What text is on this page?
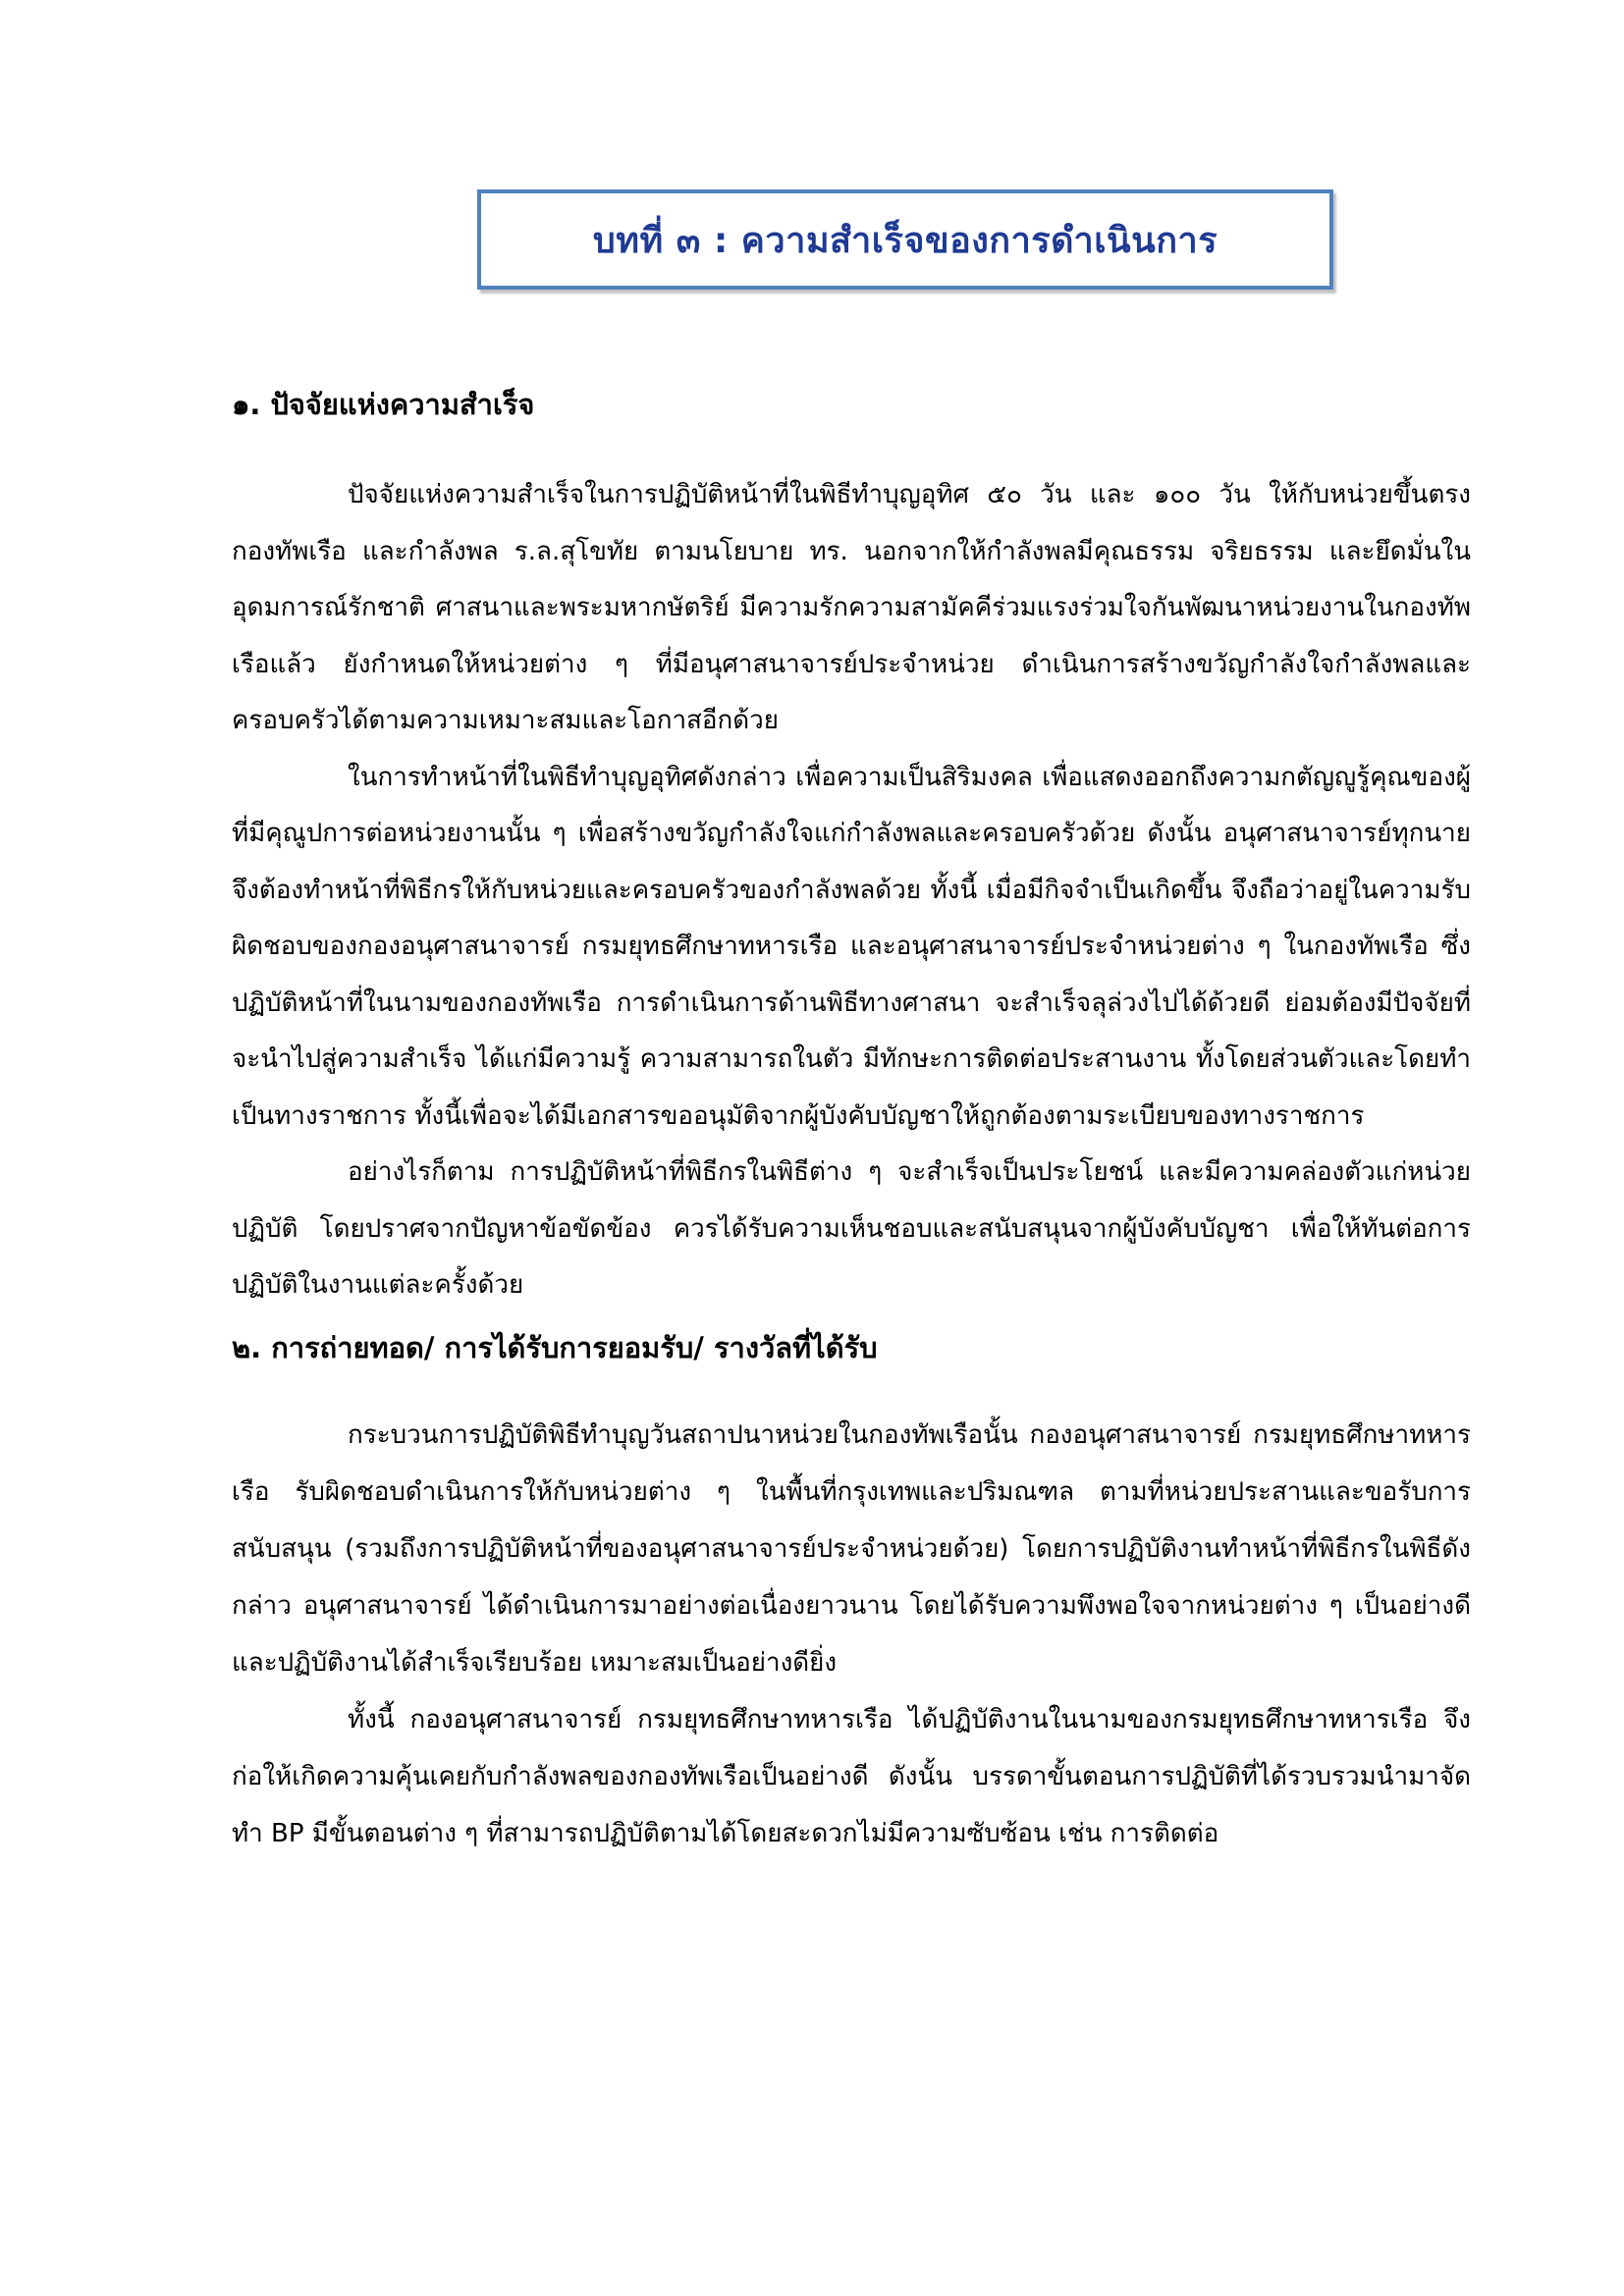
บทที่ ๓ : ความสำเร็จของการดำเนินการ
๑. ปัจจัยแห่งความสำเร็จ

ปัจจัยแห่งความสำเร็จในการปฏิบัติหน้าที่ในพิธีทำบุญอุทิศ ๕๐ วัน และ ๑๐๐ วัน ให้กับหน่วยขึ้นตรงกองทัพเรือ และกำลังพล ร.ล.สุโขทัย ตามนโยบาย ทร. นอกจากให้กำลังพลมีคุณธรรม จริยธรรม และยึดมั่นในอุดมการณ์รักชาติ ศาสนาและพระมหากษัตริย์ มีความรักความสามัคคีร่วมแรงร่วมใจกันพัฒนาหน่วยงานในกองทัพเรือแล้ว ยังกำหนดให้หน่วยต่าง ๆ ที่มีอนุศาสนาจารย์ประจำหน่วย ดำเนินการสร้างขวัญกำลังใจกำลังพลและครอบครัวได้ตามความเหมาะสมและโอกาสอีกด้วย

ในการทำหน้าที่ในพิธีทำบุญอุทิศดังกล่าว เพื่อความเป็นสิริมงคล เพื่อแสดงออกถึงความกตัญญูรู้คุณของผู้ที่มีคุณูปการต่อหน่วยงานนั้น ๆ เพื่อสร้างขวัญกำลังใจแก่กำลังพลและครอบครัวด้วย ดังนั้น อนุศาสนาจารย์ทุกนายจึงต้องทำหน้าที่พิธีกรให้กับหน่วยและครอบครัวของกำลังพลด้วย ทั้งนี้ เมื่อมีกิจจำเป็นเกิดขึ้น จึงถือว่าอยู่ในความรับผิดชอบของกองอนุศาสนาจารย์ กรมยุทธศึกษาทหารเรือ และอนุศาสนาจารย์ประจำหน่วยต่าง ๆ ในกองทัพเรือ ซึ่งปฏิบัติหน้าที่ในนามของกองทัพเรือ การดำเนินการด้านพิธีทางศาสนา จะสำเร็จลุล่วงไปได้ด้วยดี ย่อมต้องมีปัจจัยที่จะนำไปสู่ความสำเร็จ ได้แก่มีความรู้ ความสามารถในตัว มีทักษะการติดต่อประสานงาน ทั้งโดยส่วนตัวและโดยทำเป็นทางราชการ ทั้งนี้เพื่อจะได้มีเอกสารขออนุมัติจากผู้บังคับบัญชาให้ถูกต้องตามระเบียบของทางราชการ

อย่างไรก็ตาม การปฏิบัติหน้าที่พิธีกรในพิธีต่าง ๆ จะสำเร็จเป็นประโยชน์ และมีความคล่องตัวแก่หน่วยปฏิบัติ โดยปราศจากปัญหาข้อขัดข้อง ควรได้รับความเห็นชอบและสนับสนุนจากผู้บังคับบัญชา เพื่อให้ทันต่อการปฏิบัติในงานแต่ละครั้งด้วย

๒. การถ่ายทอด/ การได้รับการยอมรับ/ รางวัลที่ได้รับ

กระบวนการปฏิบัติพิธีทำบุญวันสถาปนาหน่วยในกองทัพเรือนั้น กองอนุศาสนาจารย์ กรมยุทธศึกษาทหารเรือ รับผิดชอบดำเนินการให้กับหน่วยต่าง ๆ ในพื้นที่กรุงเทพและปริมณฑล ตามที่หน่วยประสานและขอรับการสนับสนุน (รวมถึงการปฏิบัติหน้าที่ของอนุศาสนาจารย์ประจำหน่วยด้วย) โดยการปฏิบัติงานทำหน้าที่พิธีกรในพิธีดังกล่าว อนุศาสนาจารย์ ได้ดำเนินการมาอย่างต่อเนื่องยาวนาน โดยได้รับความพึงพอใจจากหน่วยต่าง ๆ เป็นอย่างดี และปฏิบัติงานได้สำเร็จเรียบร้อย เหมาะสมเป็นอย่างดียิ่ง

ทั้งนี้ กองอนุศาสนาจารย์ กรมยุทธศึกษาทหารเรือ ได้ปฏิบัติงานในนามของกรมยุทธศึกษาทหารเรือ จึงก่อให้เกิดความคุ้นเคยกับกำลังพลของกองทัพเรือเป็นอย่างดี ดังนั้น บรรดาขั้นตอนการปฏิบัติที่ได้รวบรวมนำมาจัดทำ BP มีขั้นตอนต่าง ๆ ที่สามารถปฏิบัติตามได้โดยสะดวกไม่มีความซับซ้อน เช่น การติดต่อ
